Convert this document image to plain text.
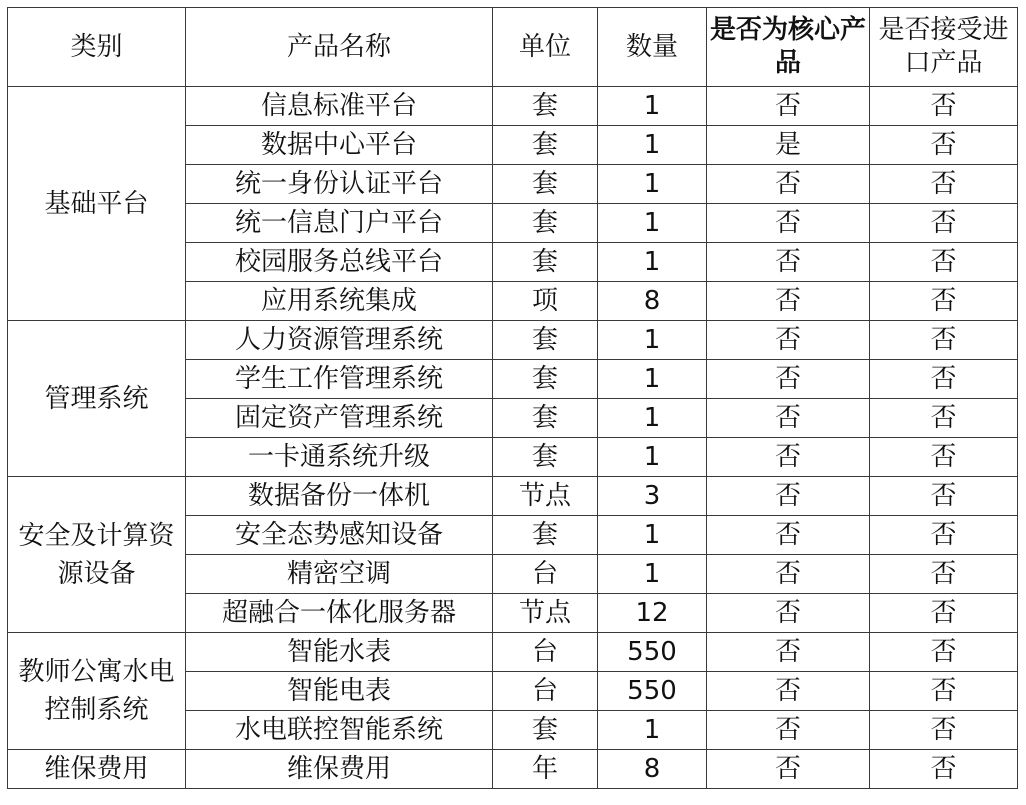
类别	产品名称	单位	数量	是否为核心产品	是否接受进口产品
基础平台	信息标准平台	套	1	否	否
	数据中心平台	套	1	是	否
	统一身份认证平台	套	1	否	否
	统一信息门户平台	套	1	否	否
	校园服务总线平台	套	1	否	否
	应用系统集成	项	8	否	否
管理系统	人力资源管理系统	套	1	否	否
	学生工作管理系统	套	1	否	否
	固定资产管理系统	套	1	否	否
	一卡通系统升级	套	1	否	否
安全及计算资源设备	数据备份一体机	节点	3	否	否
	安全态势感知设备	套	1	否	否
	精密空调	台	1	否	否
	超融合一体化服务器	节点	12	否	否
教师公寓水电控制系统	智能水表	台	550	否	否
	智能电表	台	550	否	否
	水电联控智能系统	套	1	否	否
维保费用	维保费用	年	8	否	否
